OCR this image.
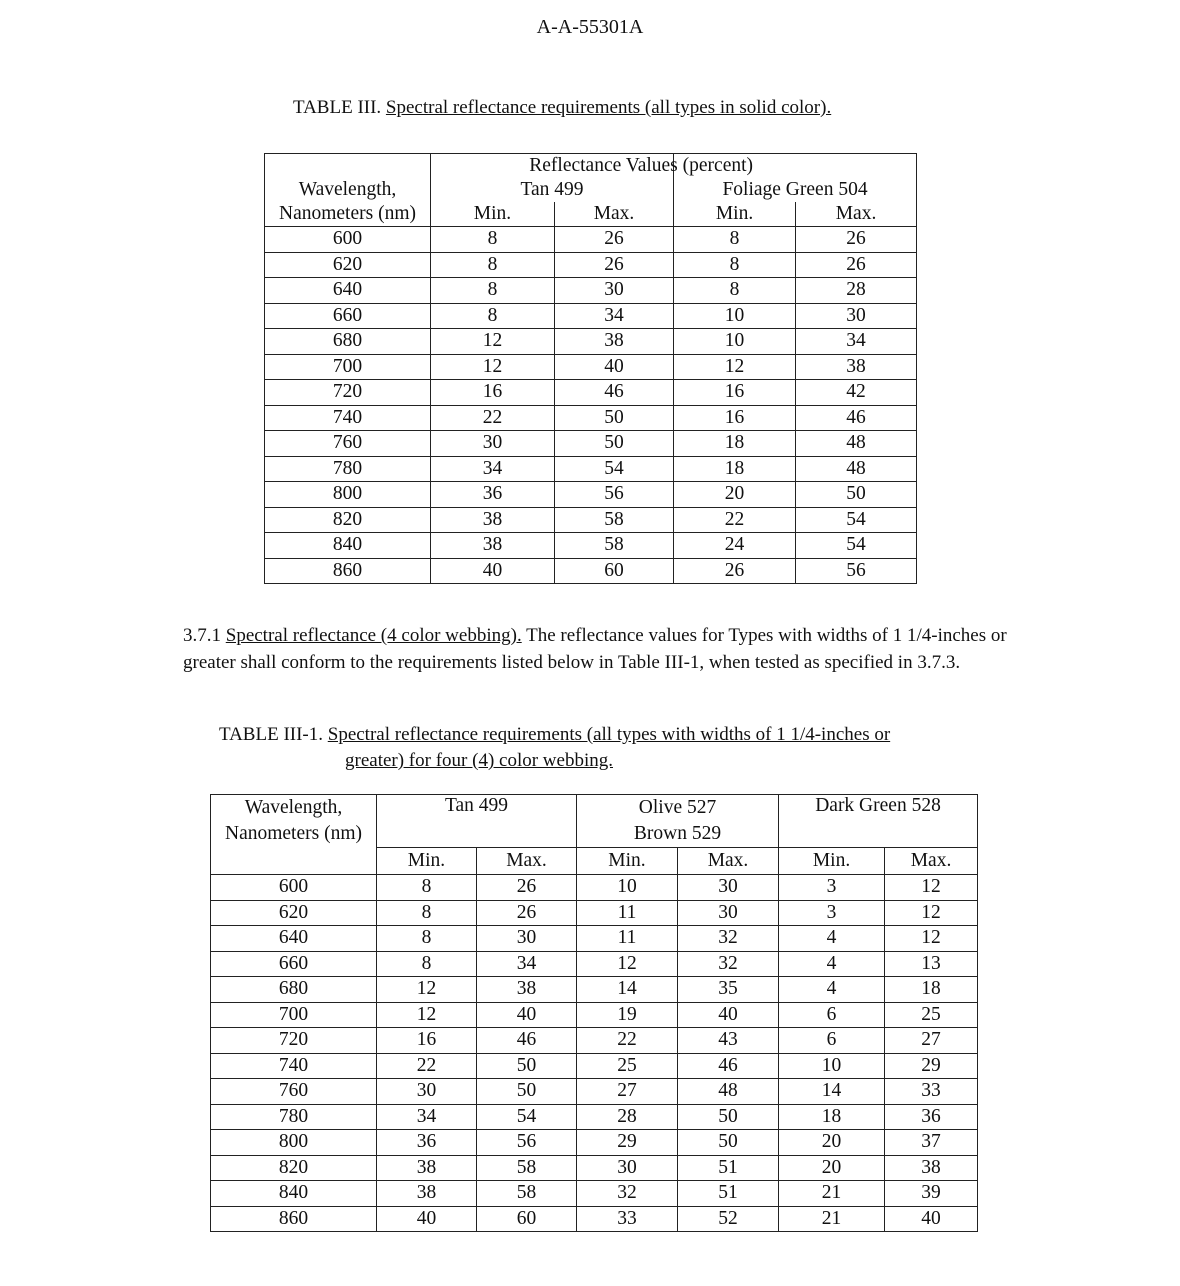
A-A-55301A
TABLE III. Spectral reflectance requirements (all types in solid color).
	Reflectance Values (percent)			
Wavelength,	Tan 499		Foliage Green 504	
Nanometers (nm)	Min.	Max.	Min.	Max.
600	8	26	8	26
620	8	26	8	26
640	8	30	8	28
660	8	34	10	30
680	12	38	10	34
700	12	40	12	38
720	16	46	16	42
740	22	50	16	46
760	30	50	18	48
780	34	54	18	48
800	36	56	20	50
820	38	58	22	54
840	38	58	24	54
860	40	60	26	56
3.7.1 Spectral reflectance (4 color webbing). The reflectance values for Types with widths of 1 1/4-inches or greater shall conform to the requirements listed below in Table III-1, when tested as specified in 3.7.3.
TABLE III-1. Spectral reflectance requirements (all types with widths of 1 1/4-inches or
greater) for four (4) color webbing.
Wavelength,	Tan 499		Olive 527		Dark Green 528	
Nanometers (nm)			Brown 529			
	Min.	Max.	Min.	Max.	Min.	Max.
600	8	26	10	30	3	12
620	8	26	11	30	3	12
640	8	30	11	32	4	12
660	8	34	12	32	4	13
680	12	38	14	35	4	18
700	12	40	19	40	6	25
720	16	46	22	43	6	27
740	22	50	25	46	10	29
760	30	50	27	48	14	33
780	34	54	28	50	18	36
800	36	56	29	50	20	37
820	38	58	30	51	20	38
840	38	58	32	51	21	39
860	40	60	33	52	21	40
